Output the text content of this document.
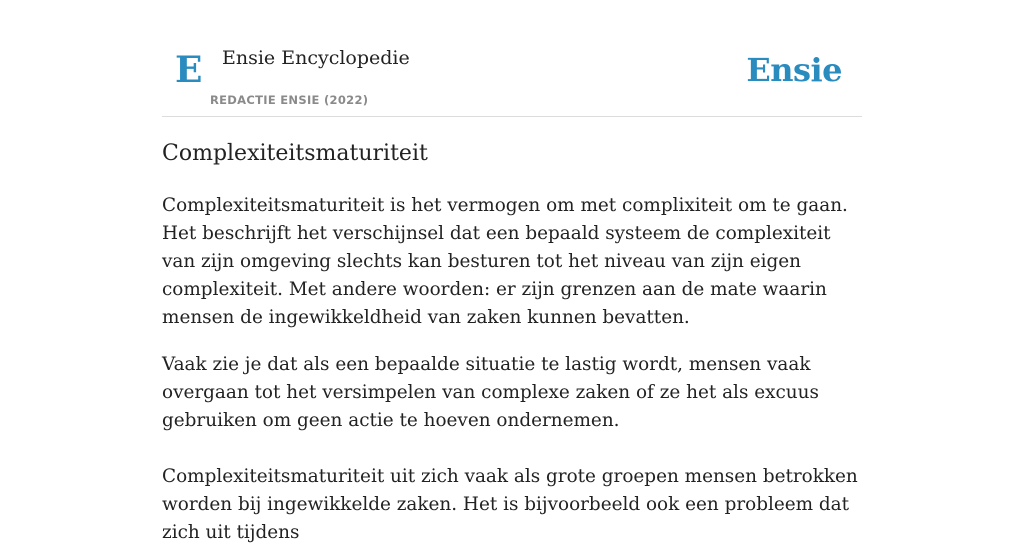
E Ensie Encyclopedie
REDACTIE ENSIE (2022)
Ensie
Complexiteitsmaturiteit

Complexiteitsmaturiteit is het vermogen om met complixiteit om te gaan. Het beschrijft het verschijnsel dat een bepaald systeem de complexiteit van zijn omgeving slechts kan besturen tot het niveau van zijn eigen complexiteit. Met andere woorden: er zijn grenzen aan de mate waarin mensen de ingewikkeldheid van zaken kunnen bevatten.

Vaak zie je dat als een bepaalde situatie te lastig wordt, mensen vaak overgaan tot het versimpelen van complexe zaken of ze het als excuus gebruiken om geen actie te hoeven ondernemen.

Complexiteitsmaturiteit uit zich vaak als grote groepen mensen betrokken worden bij ingewikkelde zaken. Het is bijvoorbeeld ook een probleem dat zich uit tijdens
